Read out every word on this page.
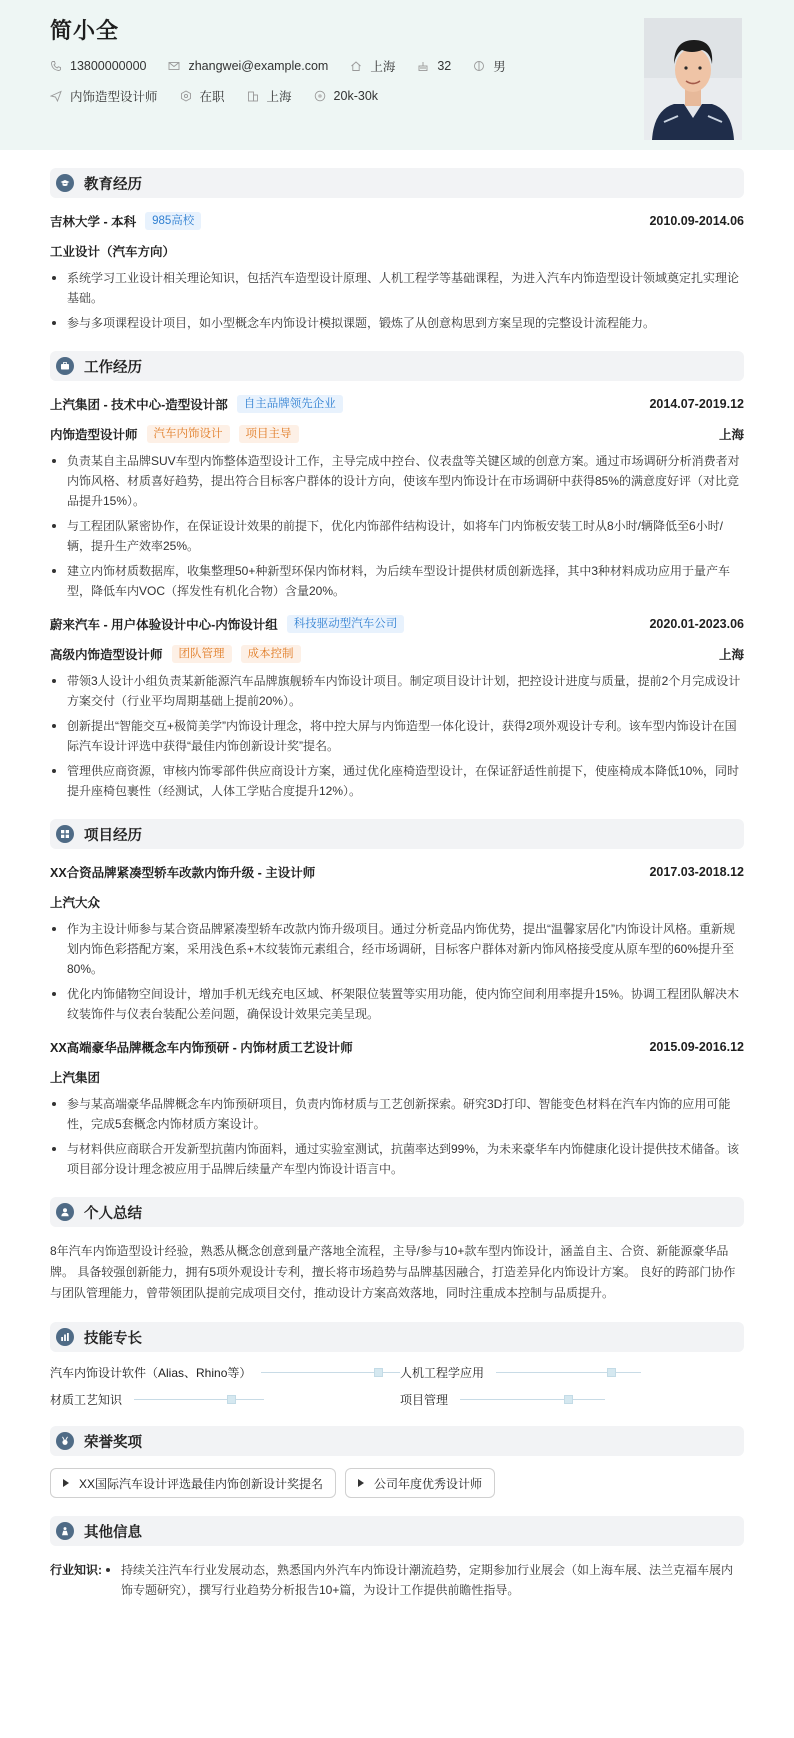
简小全
13800000000	zhangwei@example.com	上海	32	男
内饰造型设计师	在职	上海	20k-30k
教育经历
吉林大学 - 本科	985高校	2010.09-2014.06
工业设计（汽车方向）
系统学习工业设计相关理论知识，包括汽车造型设计原理、人机工程学等基础课程，为进入汽车内饰造型设计领域奠定扎实理论基础。
参与多项课程设计项目，如小型概念车内饰设计模拟课题，锻炼了从创意构思到方案呈现的完整设计流程能力。
工作经历
上汽集团 - 技术中心-造型设计部	自主品牌领先企业	2014.07-2019.12
内饰造型设计师	汽车内饰设计	项目主导	上海
负责某自主品牌SUV车型内饰整体造型设计工作，主导完成中控台、仪表盘等关键区域的创意方案。通过市场调研分析消费者对内饰风格、材质喜好趋势，提出符合目标客户群体的设计方向，使该车型内饰设计在市场调研中获得85%的满意度好评（对比竞品提升15%）。
与工程团队紧密协作，在保证设计效果的前提下，优化内饰部件结构设计，如将车门内饰板安装工时从8小时/辆降低至6小时/辆，提升生产效率25%。
建立内饰材质数据库，收集整理50+种新型环保内饰材料，为后续车型设计提供材质创新选择，其中3种材料成功应用于量产车型，降低车内VOC（挥发性有机化合物）含量20%。
蔚来汽车 - 用户体验设计中心-内饰设计组	科技驱动型汽车公司	2020.01-2023.06
高级内饰造型设计师	团队管理	成本控制	上海
带领3人设计小组负责某新能源汽车品牌旗舰轿车内饰设计项目。制定项目设计计划，把控设计进度与质量，提前2个月完成设计方案交付（行业平均周期基础上提前20%）。
创新提出“智能交互+极简美学”内饰设计理念，将中控大屏与内饰造型一体化设计，获得2项外观设计专利。该车型内饰设计在国际汽车设计评选中获得“最佳内饰创新设计奖”提名。
管理供应商资源，审核内饰零部件供应商设计方案，通过优化座椅造型设计，在保证舒适性前提下，使座椅成本降低10%，同时提升座椅包裹性（经测试，人体工学贴合度提升12%）。
项目经历
XX合资品牌紧凑型轿车改款内饰升级 - 主设计师	2017.03-2018.12
上汽大众
作为主设计师参与某合资品牌紧凑型轿车改款内饰升级项目。通过分析竞品内饰优势，提出“温馨家居化”内饰设计风格。重新规划内饰色彩搭配方案，采用浅色系+木纹装饰元素组合，经市场调研，目标客户群体对新内饰风格接受度从原车型的60%提升至80%。
优化内饰储物空间设计，增加手机无线充电区域、杯架限位装置等实用功能，使内饰空间利用率提升15%。协调工程团队解决木纹装饰件与仪表台装配公差问题，确保设计效果完美呈现。
XX高端豪华品牌概念车内饰预研 - 内饰材质工艺设计师	2015.09-2016.12
上汽集团
参与某高端豪华品牌概念车内饰预研项目，负责内饰材质与工艺创新探索。研究3D打印、智能变色材料在汽车内饰的应用可能性，完成5套概念内饰材质方案设计。
与材料供应商联合开发新型抗菌内饰面料，通过实验室测试，抗菌率达到99%，为未来豪华车内饰健康化设计提供技术储备。该项目部分设计理念被应用于品牌后续量产车型内饰设计语言中。
个人总结
8年汽车内饰造型设计经验，熟悉从概念创意到量产落地全流程，主导/参与10+款车型内饰设计，涵盖自主、合资、新能源豪华品牌。 具备较强创新能力，拥有5项外观设计专利，擅长将市场趋势与品牌基因融合，打造差异化内饰设计方案。 良好的跨部门协作与团队管理能力，曾带领团队提前完成项目交付，推动设计方案高效落地，同时注重成本控制与品质提升。
技能专长
汽车内饰设计软件（Alias、Rhino等）	人机工程学应用
材质工艺知识	项目管理
荣誉奖项
XX国际汽车设计评选最佳内饰创新设计奖提名	公司年度优秀设计师
其他信息
行业知识:	持续关注汽车行业发展动态，熟悉国内外汽车内饰设计潮流趋势，定期参加行业展会（如上海车展、法兰克福车展内饰专题研究），撰写行业趋势分析报告10+篇，为设计工作提供前瞻性指导。
